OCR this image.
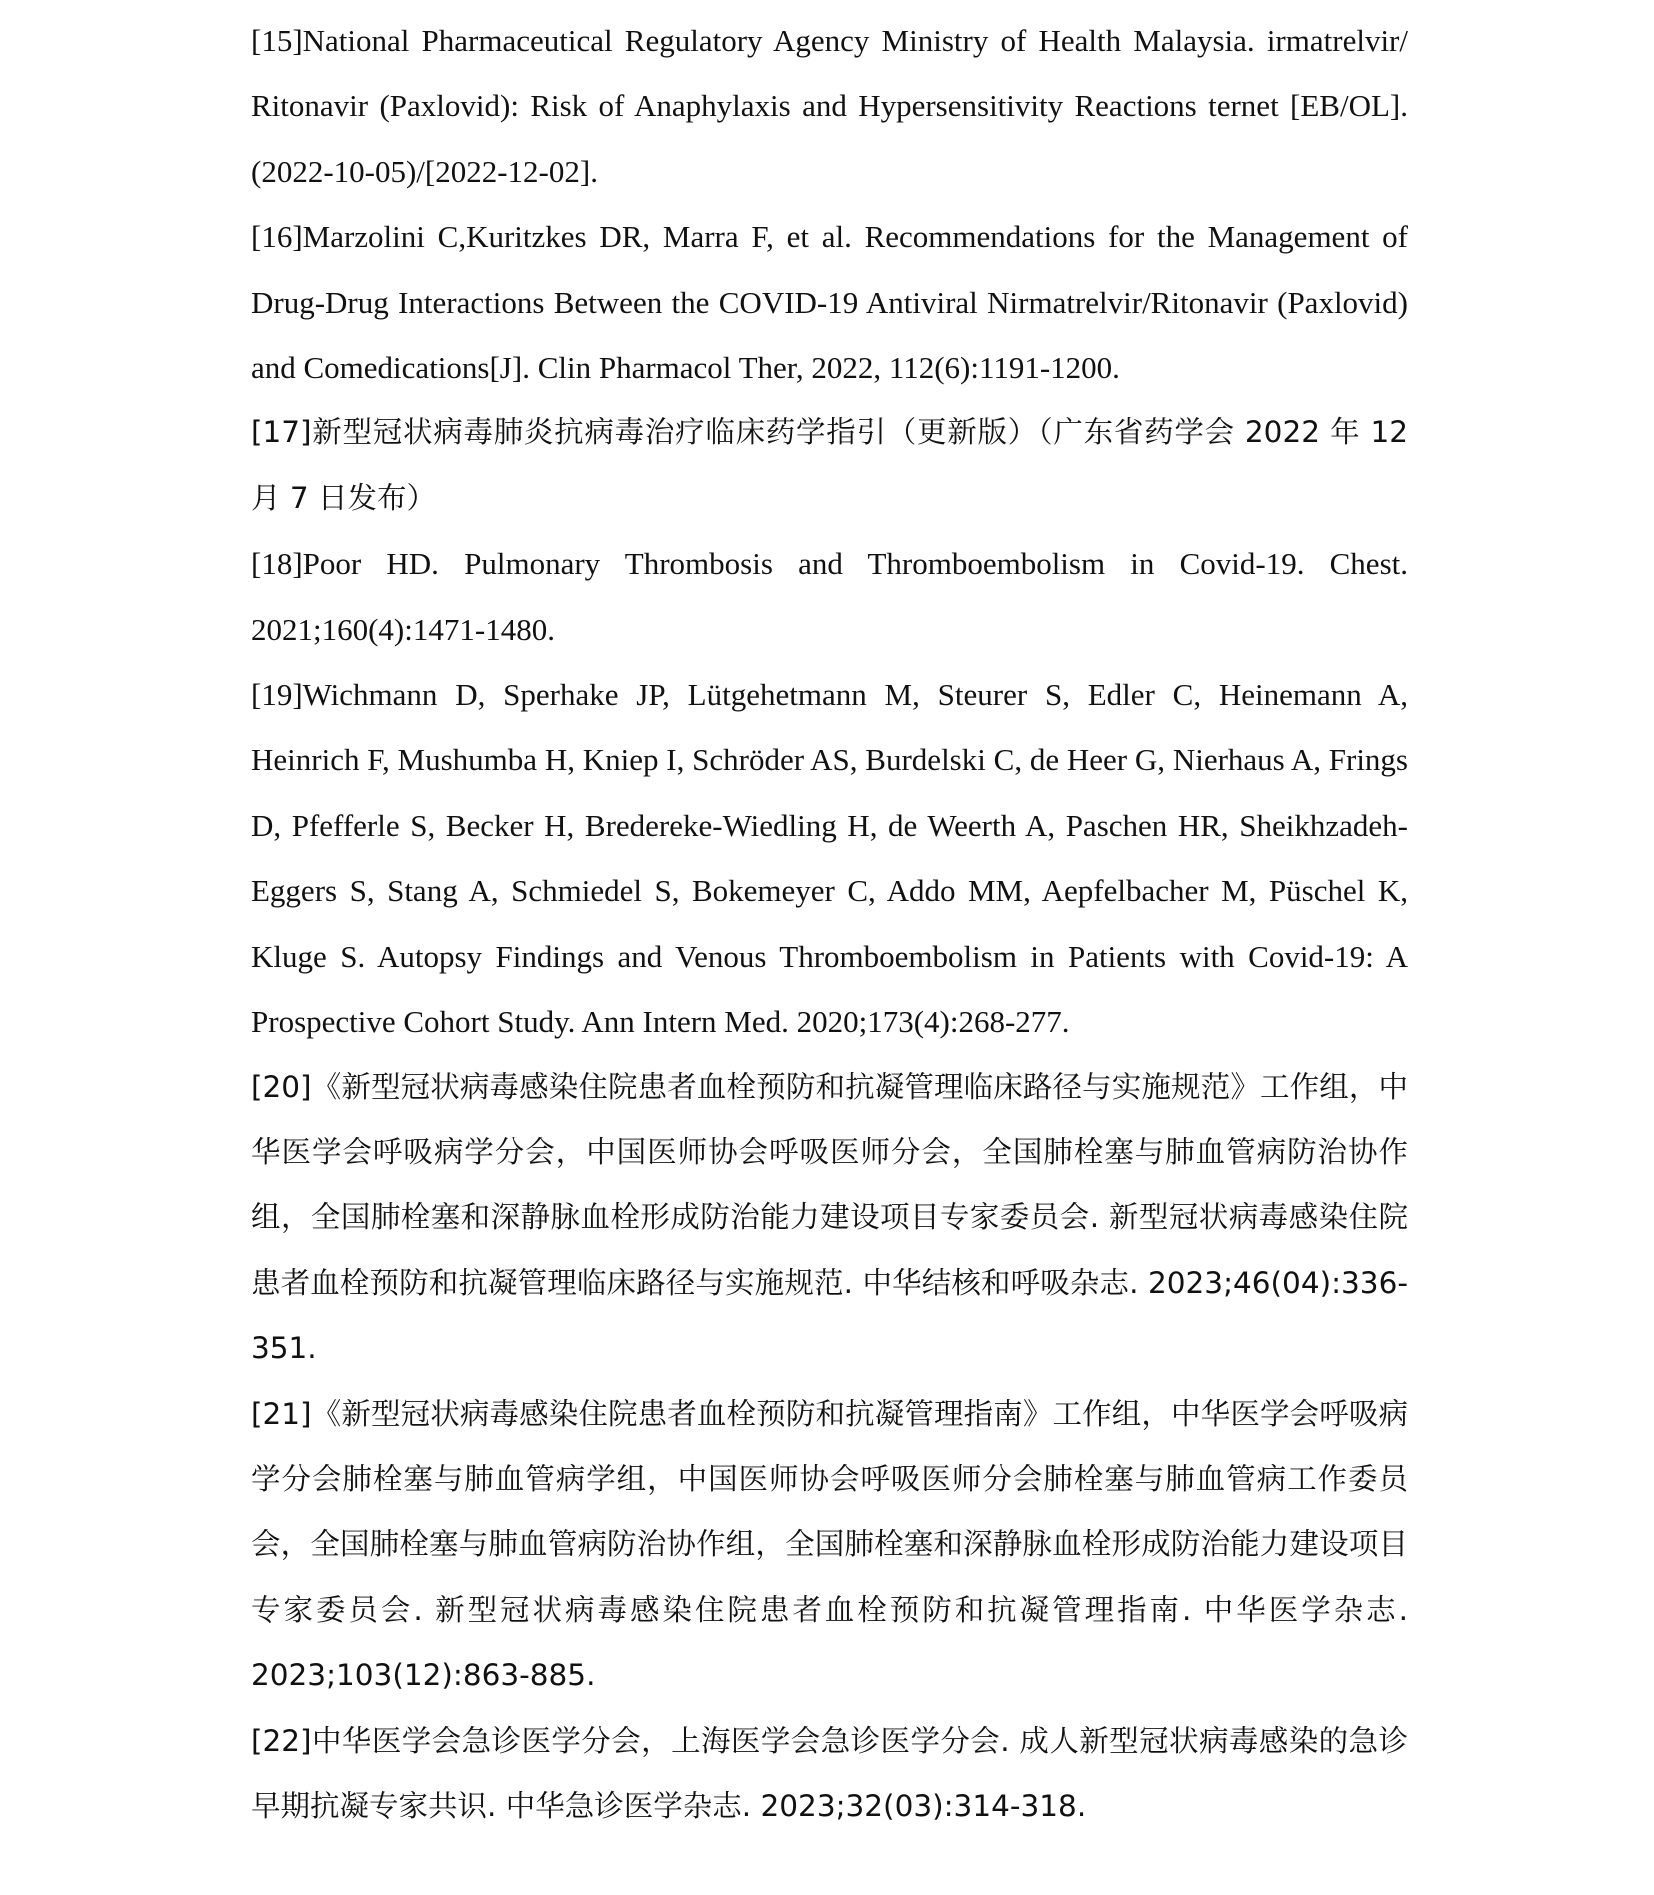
[15]National Pharmaceutical Regulatory Agency Ministry of Health Malaysia. irmatrelvir/ Ritonavir (Paxlovid): Risk of Anaphylaxis and Hypersensitivity Reactions ternet [EB/OL]. (2022-10-05)/[2022-12-02].

[16]Marzolini C,Kuritzkes DR, Marra F, et al. Recommendations for the Management of Drug-Drug Interactions Between the COVID-19 Antiviral Nirmatrelvir/Ritonavir (Paxlovid) and Comedications[J]. Clin Pharmacol Ther, 2022, 112(6):1191-1200.

[17]新型冠状病毒肺炎抗病毒治疗临床药学指引（更新版）（广东省药学会 2022 年 12 月 7 日发布）

[18]Poor HD. Pulmonary Thrombosis and Thromboembolism in Covid-19. Chest. 2021;160(4):1471-1480.

[19]Wichmann D, Sperhake JP, Lütgehetmann M, Steurer S, Edler C, Heinemann A, Heinrich F, Mushumba H, Kniep I, Schröder AS, Burdelski C, de Heer G, Nierhaus A, Frings D, Pfefferle S, Becker H, Bredereke-Wiedling H, de Weerth A, Paschen HR, Sheikhzadeh-Eggers S, Stang A, Schmiedel S, Bokemeyer C, Addo MM, Aepfelbacher M, Püschel K, Kluge S. Autopsy Findings and Venous Thromboembolism in Patients with Covid-19: A Prospective Cohort Study. Ann Intern Med. 2020;173(4):268-277.

[20]《新型冠状病毒感染住院患者血栓预防和抗凝管理临床路径与实施规范》工作组，中华医学会呼吸病学分会，中国医师协会呼吸医师分会，全国肺栓塞与肺血管病防治协作组，全国肺栓塞和深静脉血栓形成防治能力建设项目专家委员会. 新型冠状病毒感染住院患者血栓预防和抗凝管理临床路径与实施规范. 中华结核和呼吸杂志. 2023;46(04):336-351.

[21]《新型冠状病毒感染住院患者血栓预防和抗凝管理指南》工作组，中华医学会呼吸病学分会肺栓塞与肺血管病学组，中国医师协会呼吸医师分会肺栓塞与肺血管病工作委员会，全国肺栓塞与肺血管病防治协作组，全国肺栓塞和深静脉血栓形成防治能力建设项目专家委员会. 新型冠状病毒感染住院患者血栓预防和抗凝管理指南. 中华医学杂志. 2023;103(12):863-885.

[22]中华医学会急诊医学分会，上海医学会急诊医学分会. 成人新型冠状病毒感染的急诊早期抗凝专家共识. 中华急诊医学杂志. 2023;32(03):314-318.
